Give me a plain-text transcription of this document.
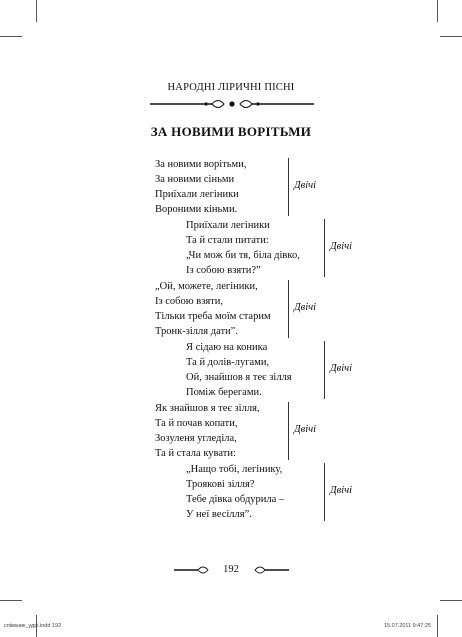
НАРОДНІ ЛІРИЧНІ ПІСНІ
ЗА НОВИМИ ВОРІТЬМИ
За новими ворітьми,
За новими сіньми
Приїхали легіники
Вороними кіньми.
Двічі
Приїхали легіники
Та й стали питати:
„Чи мож би тя, біла дівко,
Із собою взяти?”
Двічі
„Ой, можете, легіники,
Із собою взяти,
Тільки треба моїм старим
Тронк-зілля дати”.
Двічі
Я сідаю на коника
Та й долів-лугами,
Ой, знайшов я теє зілля
Поміж берегами.
Двічі
Як знайшов я теє зілля,
Та й почав копати,
Зозуленя угледіла,
Та й стала кувати:
Двічі
„Нащо тобі, легінику,
Троякові зілля?
Тебе дівка обдурила –
У неї весілля”.
Двічі
192
співаник_удрі.indd 192	15.07.2011 9:47:25
